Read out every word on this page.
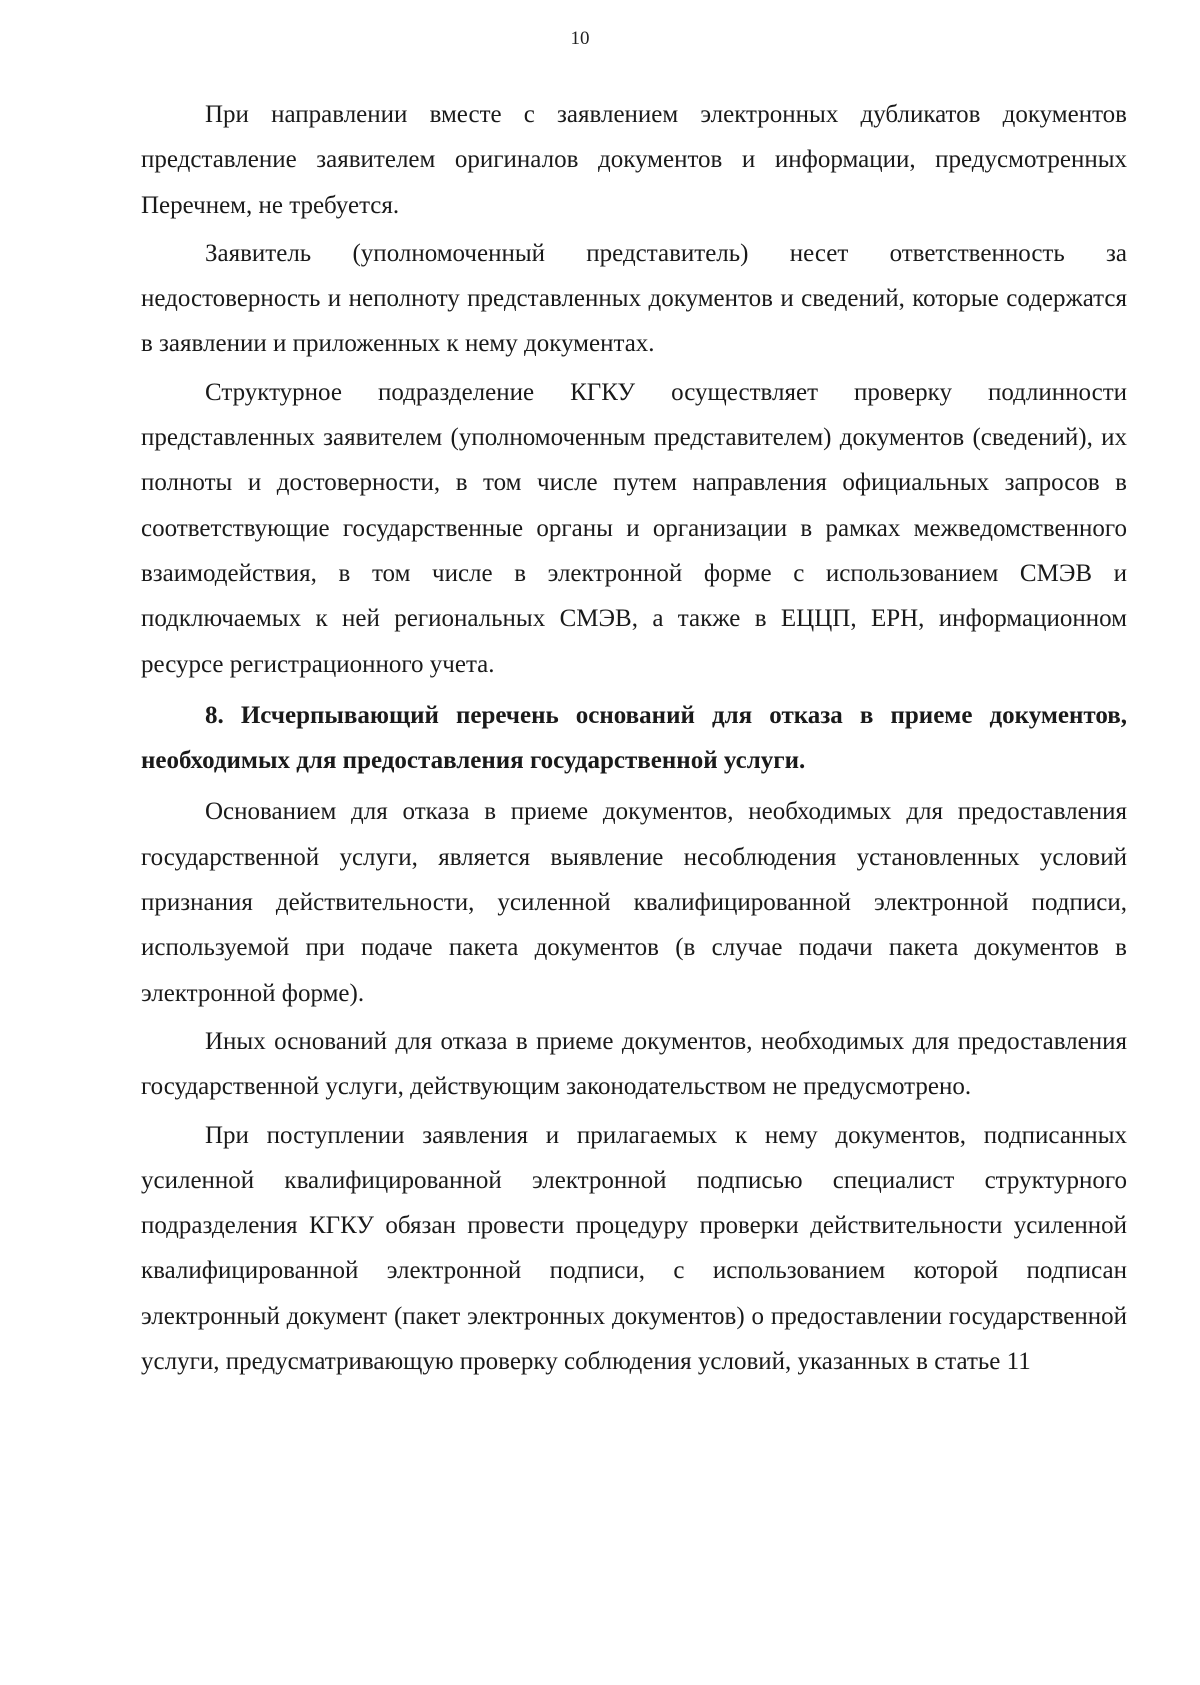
10

При направлении вместе с заявлением электронных дубликатов документов представление заявителем оригиналов документов и информации, предусмотренных Перечнем, не требуется.

Заявитель (уполномоченный представитель) несет ответственность за недостоверность и неполноту представленных документов и сведений, которые содержатся в заявлении и приложенных к нему документах.

Структурное подразделение КГКУ осуществляет проверку подлинности представленных заявителем (уполномоченным представителем) документов (сведений), их полноты и достоверности, в том числе путем направления официальных запросов в соответствующие государственные органы и организации в рамках межведомственного взаимодействия, в том числе в электронной форме с использованием СМЭВ и подключаемых к ней региональных СМЭВ, а также в ЕЦЦП, ЕРН, информационном ресурсе регистрационного учета.

8. Исчерпывающий перечень оснований для отказа в приеме документов, необходимых для предоставления государственной услуги.

Основанием для отказа в приеме документов, необходимых для предоставления государственной услуги, является выявление несоблюдения установленных условий признания действительности, усиленной квалифицированной электронной подписи, используемой при подаче пакета документов (в случае подачи пакета документов в электронной форме).

Иных оснований для отказа в приеме документов, необходимых для предоставления государственной услуги, действующим законодательством не предусмотрено.

При поступлении заявления и прилагаемых к нему документов, подписанных усиленной квалифицированной электронной подписью специалист структурного подразделения КГКУ обязан провести процедуру проверки действительности усиленной квалифицированной электронной подписи, с использованием которой подписан электронный документ (пакет электронных документов) о предоставлении государственной услуги, предусматривающую проверку соблюдения условий, указанных в статье 11
